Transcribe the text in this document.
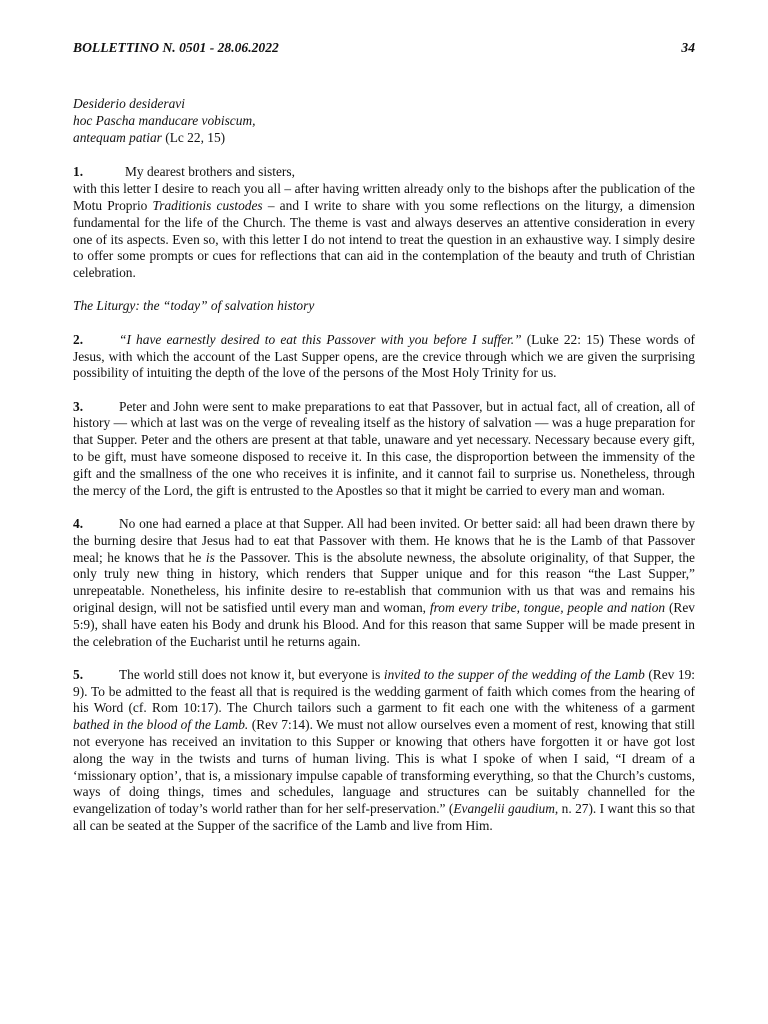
BOLLETTINO N. 0501 - 28.06.2022	34
Desiderio desideravi
hoc Pascha manducare vobiscum,
antequam patiar (Lc 22, 15)
1.	My dearest brothers and sisters,
with this letter I desire to reach you all – after having written already only to the bishops after the publication of the Motu Proprio Traditionis custodes – and I write to share with you some reflections on the liturgy, a dimension fundamental for the life of the Church. The theme is vast and always deserves an attentive consideration in every one of its aspects. Even so, with this letter I do not intend to treat the question in an exhaustive way. I simply desire to offer some prompts or cues for reflections that can aid in the contemplation of the beauty and truth of Christian celebration.
The Liturgy: the “today” of salvation history
2.	“I have earnestly desired to eat this Passover with you before I suffer.” (Luke 22: 15) These words of Jesus, with which the account of the Last Supper opens, are the crevice through which we are given the surprising possibility of intuiting the depth of the love of the persons of the Most Holy Trinity for us.
3.	Peter and John were sent to make preparations to eat that Passover, but in actual fact, all of creation, all of history — which at last was on the verge of revealing itself as the history of salvation — was a huge preparation for that Supper. Peter and the others are present at that table, unaware and yet necessary. Necessary because every gift, to be gift, must have someone disposed to receive it. In this case, the disproportion between the immensity of the gift and the smallness of the one who receives it is infinite, and it cannot fail to surprise us. Nonetheless, through the mercy of the Lord, the gift is entrusted to the Apostles so that it might be carried to every man and woman.
4.	No one had earned a place at that Supper. All had been invited. Or better said: all had been drawn there by the burning desire that Jesus had to eat that Passover with them. He knows that he is the Lamb of that Passover meal; he knows that he is the Passover. This is the absolute newness, the absolute originality, of that Supper, the only truly new thing in history, which renders that Supper unique and for this reason “the Last Supper,” unrepeatable. Nonetheless, his infinite desire to re-establish that communion with us that was and remains his original design, will not be satisfied until every man and woman, from every tribe, tongue, people and nation (Rev 5:9), shall have eaten his Body and drunk his Blood. And for this reason that same Supper will be made present in the celebration of the Eucharist until he returns again.
5.	The world still does not know it, but everyone is invited to the supper of the wedding of the Lamb (Rev 19: 9). To be admitted to the feast all that is required is the wedding garment of faith which comes from the hearing of his Word (cf. Rom 10:17). The Church tailors such a garment to fit each one with the whiteness of a garment bathed in the blood of the Lamb. (Rev 7:14). We must not allow ourselves even a moment of rest, knowing that still not everyone has received an invitation to this Supper or knowing that others have forgotten it or have got lost along the way in the twists and turns of human living. This is what I spoke of when I said, “I dream of a ‘missionary option’, that is, a missionary impulse capable of transforming everything, so that the Church’s customs, ways of doing things, times and schedules, language and structures can be suitably channelled for the evangelization of today’s world rather than for her self-preservation.” (Evangelii gaudium, n. 27). I want this so that all can be seated at the Supper of the sacrifice of the Lamb and live from Him.
